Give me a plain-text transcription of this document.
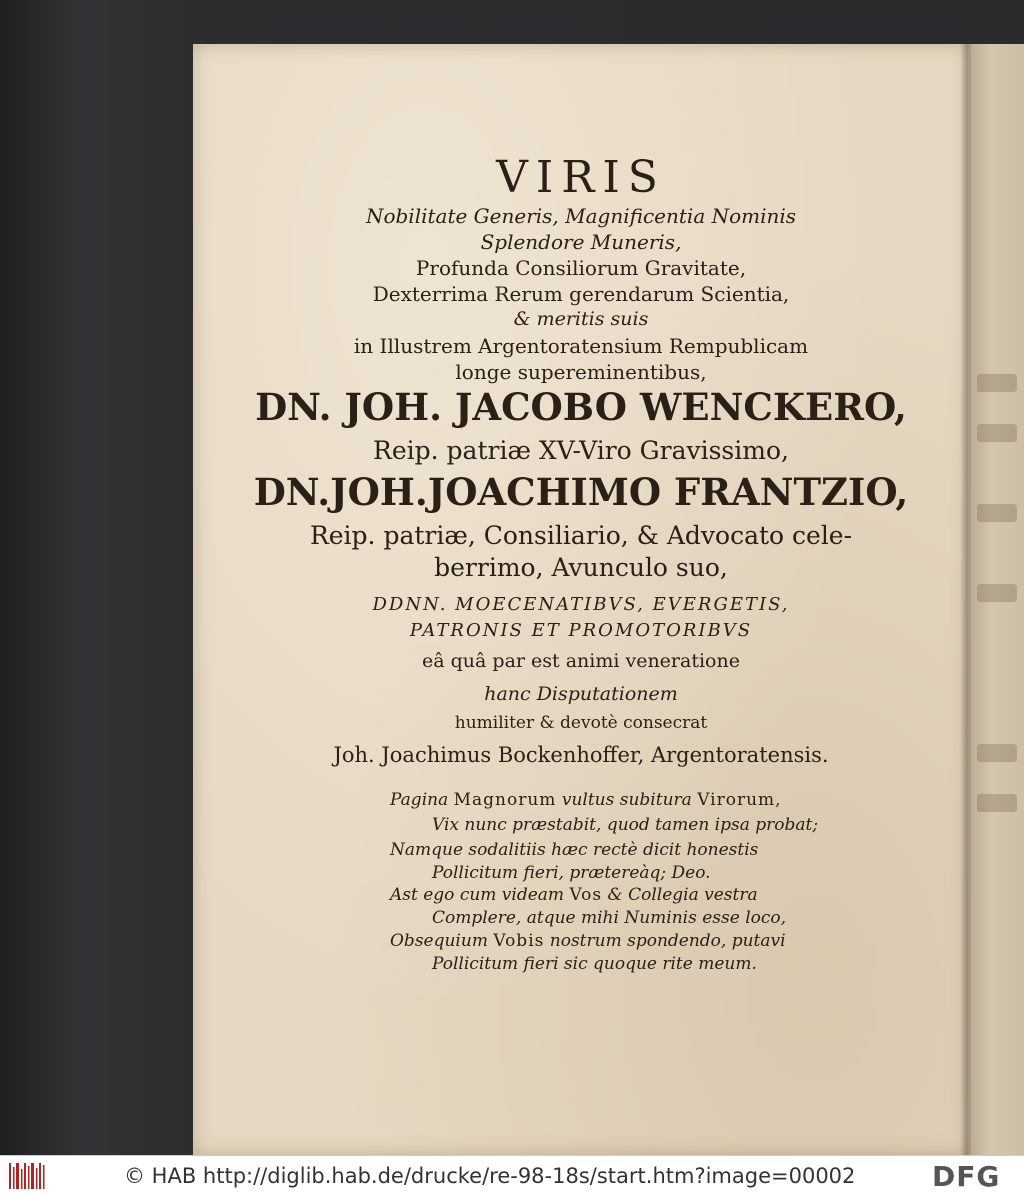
VIRIS
Nobilitate Generis, Magnificentia Nominis
Splendore Muneris,
Profunda Consiliorum Gravitate,
Dexterrima Rerum gerendarum Scientia,
& meritis suis
in Illustrem Argentoratensium Rempublicam
longe supereminentibus,
DN. JOH. JACOBO WENCKERO,
Reip. patriæ XV-Viro Gravissimo,
DN.JOH.JOACHIMO FRANTZIO,
Reip. patriæ, Consiliario, & Advocato cele-
berrimo, Avunculo suo,
DDNN. MOECENATIBVS, EVERGETIS,
PATRONIS ET PROMOTORIBVS
eâ quâ par est animi veneratione
hanc Disputationem
humiliter & devotè consecrat
Joh. Joachimus Bockenhoffer, Argentoratensis.
Pagina Magnorum vultus subitura Virorum,
Vix nunc præstabit, quod tamen ipsa probat;
Namque sodalitiis hæc rectè dicit honestis
Pollicitum fieri, prætereàq; Deo.
Ast ego cum videam Vos & Collegia vestra
Complere, atque mihi Numinis esse loco,
Obsequium Vobis nostrum spondendo, putavi
Pollicitum fieri sic quoque rite meum.
© HAB http://diglib.hab.de/drucke/re-98-18s/start.htm?image=00002	DFG
